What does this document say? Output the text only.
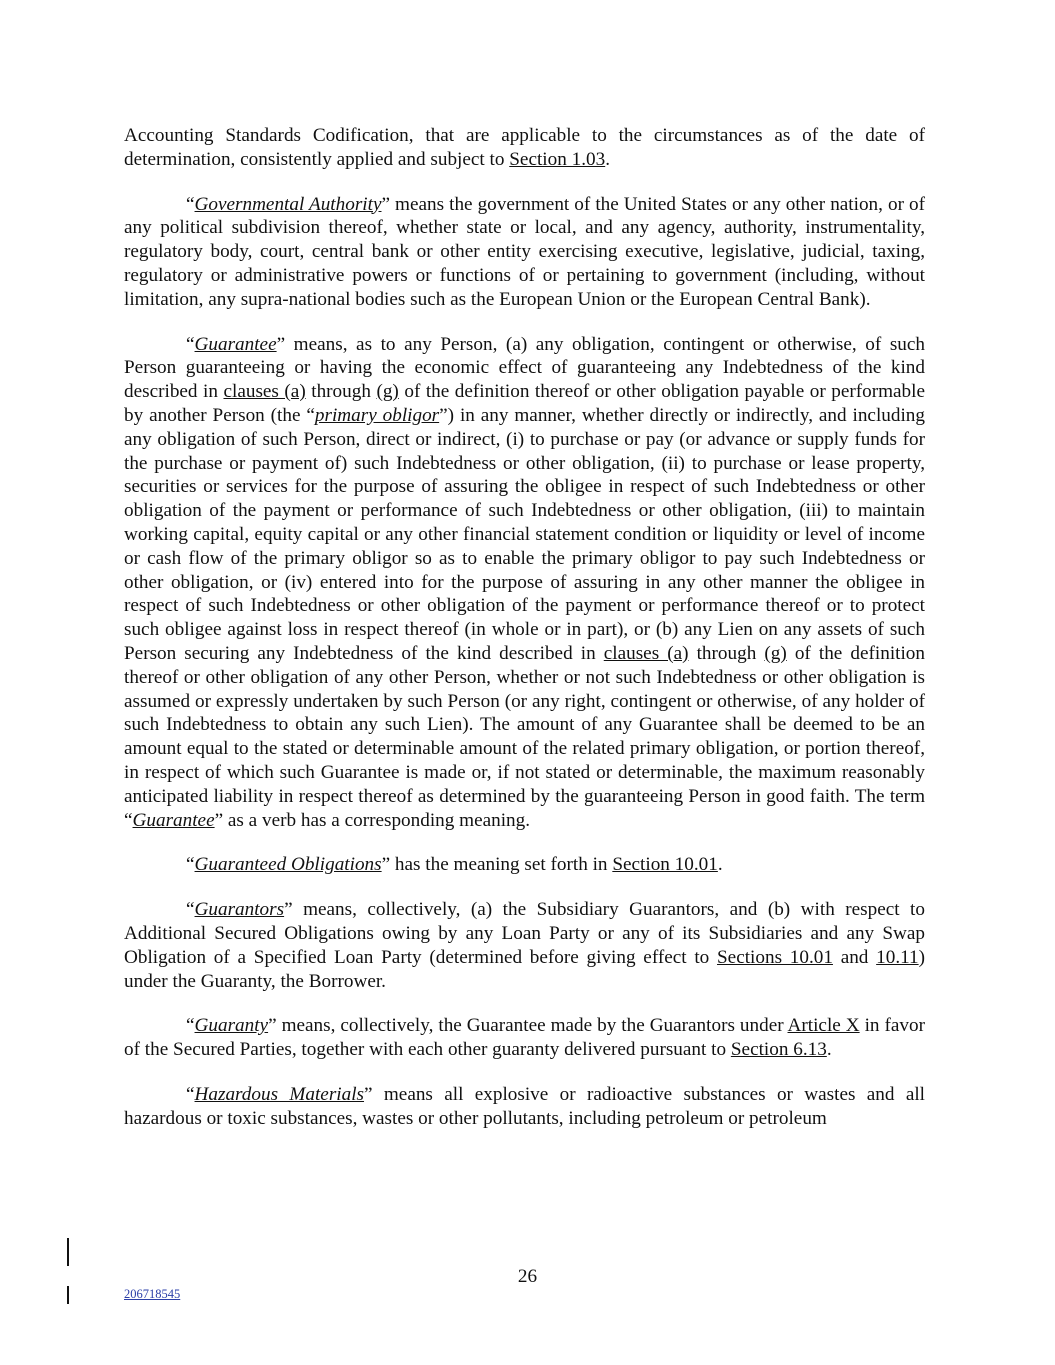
Accounting Standards Codification, that are applicable to the circumstances as of the date of determination, consistently applied and subject to Section 1.03.

“Governmental Authority” means the government of the United States or any other nation, or of any political subdivision thereof, whether state or local, and any agency, authority, instrumentality, regulatory body, court, central bank or other entity exercising executive, legislative, judicial, taxing, regulatory or administrative powers or functions of or pertaining to government (including, without limitation, any supra-national bodies such as the European Union or the European Central Bank).

“Guarantee” means, as to any Person, (a) any obligation, contingent or otherwise, of such Person guaranteeing or having the economic effect of guaranteeing any Indebtedness of the kind described in clauses (a) through (g) of the definition thereof or other obligation payable or performable by another Person (the “primary obligor”) in any manner, whether directly or indirectly, and including any obligation of such Person, direct or indirect, (i) to purchase or pay (or advance or supply funds for the purchase or payment of) such Indebtedness or other obligation, (ii) to purchase or lease property, securities or services for the purpose of assuring the obligee in respect of such Indebtedness or other obligation of the payment or performance of such Indebtedness or other obligation, (iii) to maintain working capital, equity capital or any other financial statement condition or liquidity or level of income or cash flow of the primary obligor so as to enable the primary obligor to pay such Indebtedness or other obligation, or (iv) entered into for the purpose of assuring in any other manner the obligee in respect of such Indebtedness or other obligation of the payment or performance thereof or to protect such obligee against loss in respect thereof (in whole or in part), or (b) any Lien on any assets of such Person securing any Indebtedness of the kind described in clauses (a) through (g) of the definition thereof or other obligation of any other Person, whether or not such Indebtedness or other obligation is assumed or expressly undertaken by such Person (or any right, contingent or otherwise, of any holder of such Indebtedness to obtain any such Lien). The amount of any Guarantee shall be deemed to be an amount equal to the stated or determinable amount of the related primary obligation, or portion thereof, in respect of which such Guarantee is made or, if not stated or determinable, the maximum reasonably anticipated liability in respect thereof as determined by the guaranteeing Person in good faith. The term “Guarantee” as a verb has a corresponding meaning.

“Guaranteed Obligations” has the meaning set forth in Section 10.01.

“Guarantors” means, collectively, (a) the Subsidiary Guarantors, and (b) with respect to Additional Secured Obligations owing by any Loan Party or any of its Subsidiaries and any Swap Obligation of a Specified Loan Party (determined before giving effect to Sections 10.01 and 10.11) under the Guaranty, the Borrower.

“Guaranty” means, collectively, the Guarantee made by the Guarantors under Article X in favor of the Secured Parties, together with each other guaranty delivered pursuant to Section 6.13.

“Hazardous Materials” means all explosive or radioactive substances or wastes and all hazardous or toxic substances, wastes or other pollutants, including petroleum or petroleum

26
206718545
